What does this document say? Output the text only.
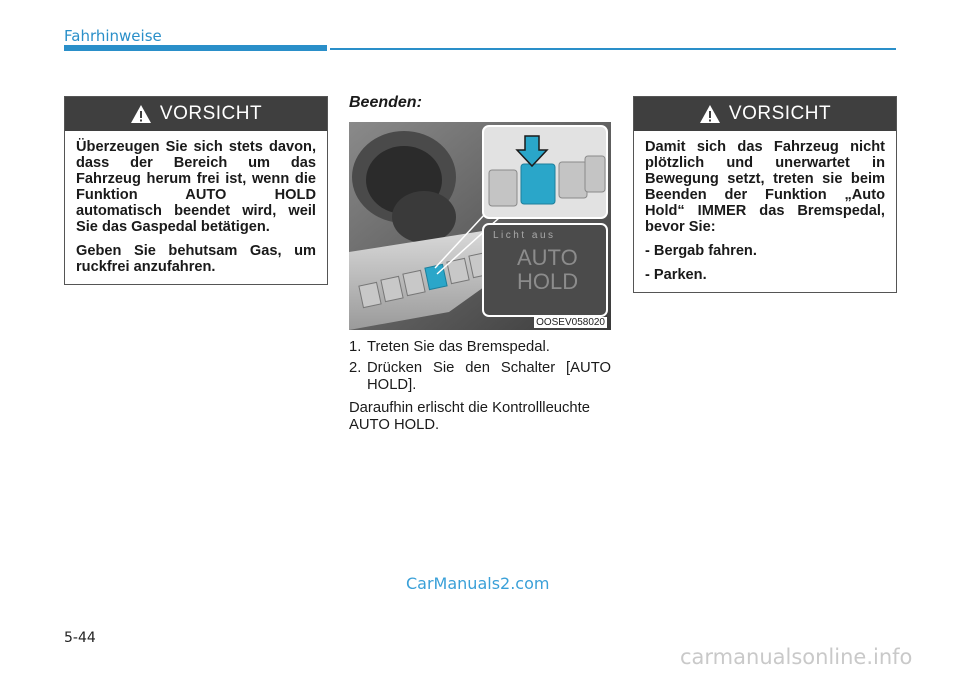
Fahrhinweise
VORSICHT

Überzeugen Sie sich stets davon, dass der Bereich um das Fahrzeug herum frei ist, wenn die Funktion AUTO HOLD automatisch beendet wird, weil Sie das Gaspedal betätigen.

Geben Sie behutsam Gas, um ruckfrei anzufahren.

Beenden:
Licht aus
AUTO
HOLD
OOSEV058020
1. Treten Sie das Bremspedal.
2. Drücken Sie den Schalter [AUTO HOLD].
Daraufhin erlischt die Kontrollleuchte AUTO HOLD.
VORSICHT

Damit sich das Fahrzeug nicht plötzlich und unerwartet in Bewegung setzt, treten sie beim Beenden der Funktion „Auto Hold“ IMMER das Bremspedal, bevor Sie:

- Bergab fahren.

- Parken.

CarManuals2.com
5-44
carmanualsonline.info
